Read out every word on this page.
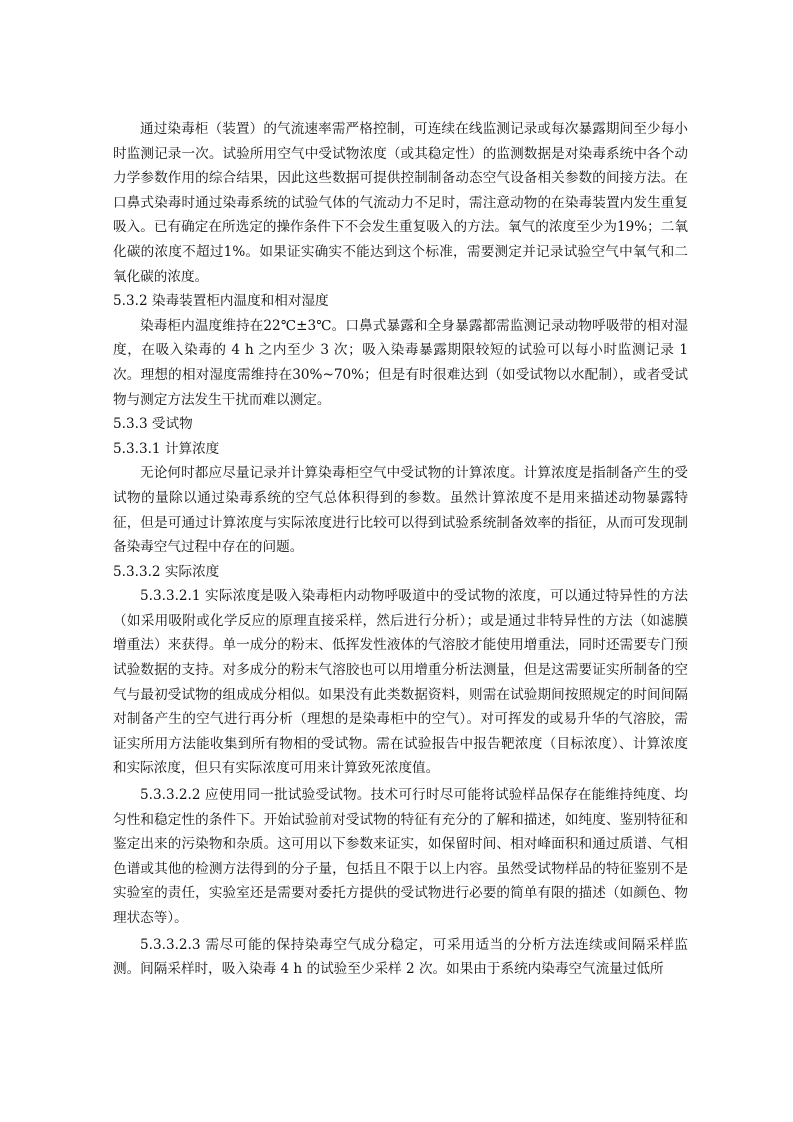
通过染毒柜（装置）的气流速率需严格控制，可连续在线监测记录或每次暴露期间至少每小时监测记录一次。试验所用空气中受试物浓度（或其稳定性）的监测数据是对染毒系统中各个动力学参数作用的综合结果，因此这些数据可提供控制制备动态空气设备相关参数的间接方法。在口鼻式染毒时通过染毒系统的试验气体的气流动力不足时，需注意动物的在染毒装置内发生重复吸入。已有确定在所选定的操作条件下不会发生重复吸入的方法。氧气的浓度至少为19%；二氧化碳的浓度不超过1%。如果证实确实不能达到这个标准，需要测定并记录试验空气中氧气和二氧化碳的浓度。

5.3.2 染毒装置柜内温度和相对湿度

染毒柜内温度维持在22℃±3℃。口鼻式暴露和全身暴露都需监测记录动物呼吸带的相对湿度，在吸入染毒的 4 h 之内至少 3 次；吸入染毒暴露期限较短的试验可以每小时监测记录 1 次。理想的相对湿度需维持在30%~70%；但是有时很难达到（如受试物以水配制），或者受试物与测定方法发生干扰而难以测定。

5.3.3 受试物

5.3.3.1 计算浓度

无论何时都应尽量记录并计算染毒柜空气中受试物的计算浓度。计算浓度是指制备产生的受试物的量除以通过染毒系统的空气总体积得到的参数。虽然计算浓度不是用来描述动物暴露特征，但是可通过计算浓度与实际浓度进行比较可以得到试验系统制备效率的指征，从而可发现制备染毒空气过程中存在的问题。

5.3.3.2 实际浓度

5.3.3.2.1 实际浓度是吸入染毒柜内动物呼吸道中的受试物的浓度，可以通过特异性的方法（如采用吸附或化学反应的原理直接采样，然后进行分析）；或是通过非特异性的方法（如滤膜增重法）来获得。单一成分的粉末、低挥发性液体的气溶胶才能使用增重法，同时还需要专门预试验数据的支持。对多成分的粉末气溶胶也可以用增重分析法测量，但是这需要证实所制备的空气与最初受试物的组成成分相似。如果没有此类数据资料，则需在试验期间按照规定的时间间隔对制备产生的空气进行再分析（理想的是染毒柜中的空气）。对可挥发的或易升华的气溶胶，需证实所用方法能收集到所有物相的受试物。需在试验报告中报告靶浓度（目标浓度）、计算浓度和实际浓度，但只有实际浓度可用来计算致死浓度值。

5.3.3.2.2 应使用同一批试验受试物。技术可行时尽可能将试验样品保存在能维持纯度、均匀性和稳定性的条件下。开始试验前对受试物的特征有充分的了解和描述，如纯度、鉴别特征和鉴定出来的污染物和杂质。这可用以下参数来证实，如保留时间、相对峰面积和通过质谱、气相色谱或其他的检测方法得到的分子量，包括且不限于以上内容。虽然受试物样品的特征鉴别不是实验室的责任，实验室还是需要对委托方提供的受试物进行必要的简单有限的描述（如颜色、物理状态等）。

5.3.3.2.3 需尽可能的保持染毒空气成分稳定，可采用适当的分析方法连续或间隔采样监测。间隔采样时，吸入染毒 4 h 的试验至少采样 2 次。如果由于系统内染毒空气流量过低所
